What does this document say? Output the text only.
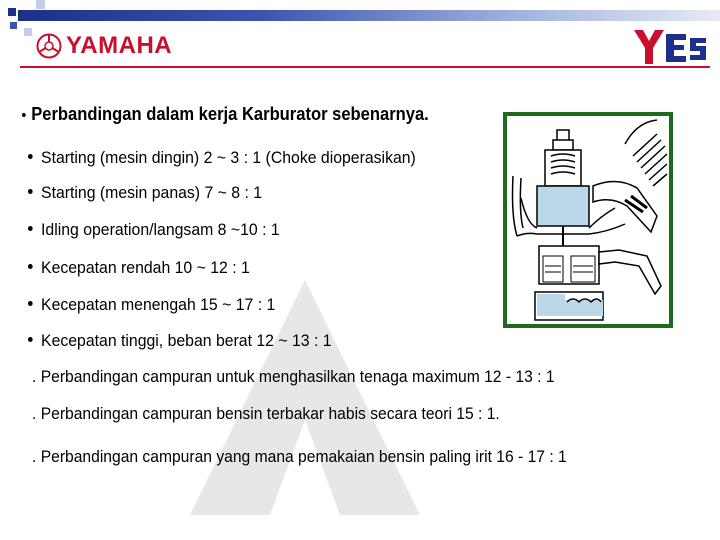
YAMAHA
Perbandingan dalam kerja Karburator sebenarnya.
Starting (mesin dingin) 2 ~ 3 : 1 (Choke dioperasikan)
Starting (mesin panas) 7 ~ 8 : 1
Idling operation/langsam 8 ~10 : 1
Kecepatan rendah 10 ~ 12 : 1
Kecepatan menengah 15 ~ 17 : 1
Kecepatan tinggi, beban berat 12 ~ 13 : 1
. Perbandingan campuran untuk menghasilkan tenaga maximum 12 - 13 : 1
. Perbandingan campuran bensin terbakar habis secara teori 15 : 1.
. Perbandingan campuran yang mana pemakaian bensin paling irit 16 - 17 : 1
